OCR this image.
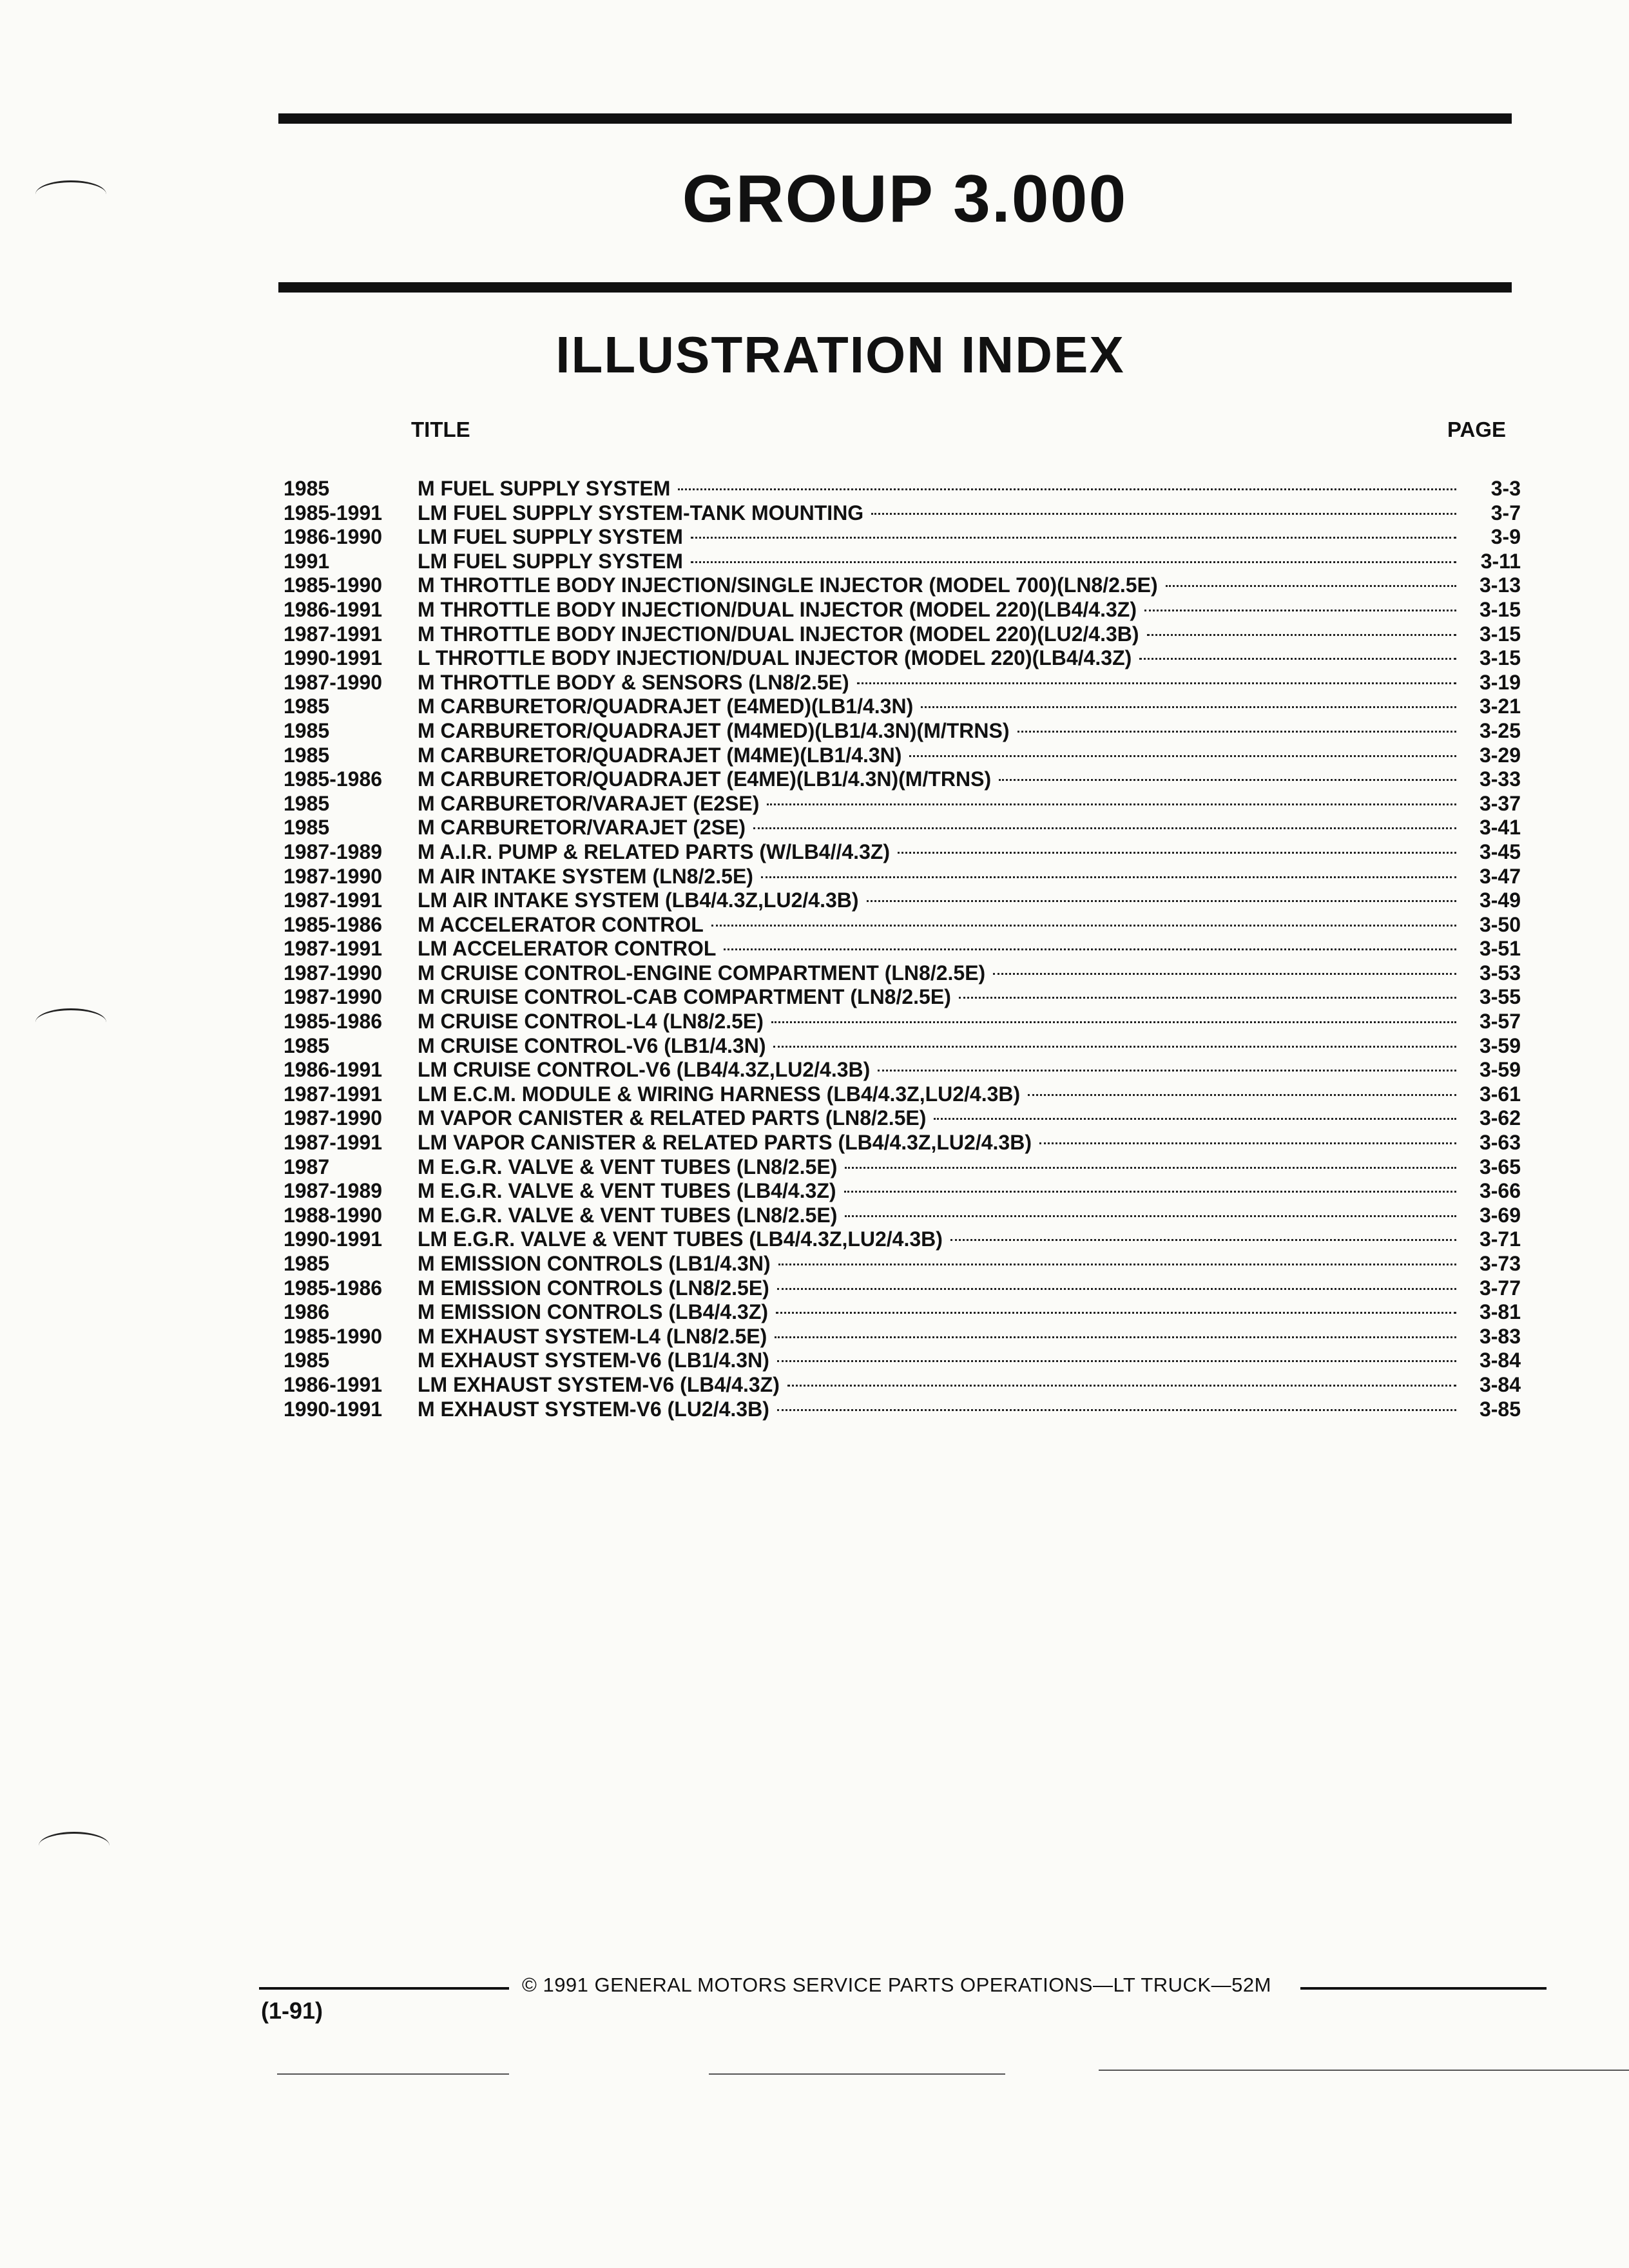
GROUP 3.000
ILLUSTRATION INDEX
TITLE	PAGE
1985	M FUEL SUPPLY SYSTEM	3-3
1985-1991	LM FUEL SUPPLY SYSTEM-TANK MOUNTING	3-7
1986-1990	LM FUEL SUPPLY SYSTEM	3-9
1991	LM FUEL SUPPLY SYSTEM	3-11
1985-1990	M THROTTLE BODY INJECTION/SINGLE INJECTOR (MODEL 700)(LN8/2.5E)	3-13
1986-1991	M THROTTLE BODY INJECTION/DUAL INJECTOR (MODEL 220)(LB4/4.3Z)	3-15
1987-1991	M THROTTLE BODY INJECTION/DUAL INJECTOR (MODEL 220)(LU2/4.3B)	3-15
1990-1991	L THROTTLE BODY INJECTION/DUAL INJECTOR (MODEL 220)(LB4/4.3Z)	3-15
1987-1990	M THROTTLE BODY & SENSORS (LN8/2.5E)	3-19
1985	M CARBURETOR/QUADRAJET (E4MED)(LB1/4.3N)	3-21
1985	M CARBURETOR/QUADRAJET (M4MED)(LB1/4.3N)(M/TRNS)	3-25
1985	M CARBURETOR/QUADRAJET (M4ME)(LB1/4.3N)	3-29
1985-1986	M CARBURETOR/QUADRAJET (E4ME)(LB1/4.3N)(M/TRNS)	3-33
1985	M CARBURETOR/VARAJET (E2SE)	3-37
1985	M CARBURETOR/VARAJET (2SE)	3-41
1987-1989	M A.I.R. PUMP & RELATED PARTS (W/LB4//4.3Z)	3-45
1987-1990	M AIR INTAKE SYSTEM (LN8/2.5E)	3-47
1987-1991	LM AIR INTAKE SYSTEM (LB4/4.3Z,LU2/4.3B)	3-49
1985-1986	M ACCELERATOR CONTROL	3-50
1987-1991	LM ACCELERATOR CONTROL	3-51
1987-1990	M CRUISE CONTROL-ENGINE COMPARTMENT (LN8/2.5E)	3-53
1987-1990	M CRUISE CONTROL-CAB COMPARTMENT (LN8/2.5E)	3-55
1985-1986	M CRUISE CONTROL-L4 (LN8/2.5E)	3-57
1985	M CRUISE CONTROL-V6 (LB1/4.3N)	3-59
1986-1991	LM CRUISE CONTROL-V6 (LB4/4.3Z,LU2/4.3B)	3-59
1987-1991	LM E.C.M. MODULE & WIRING HARNESS (LB4/4.3Z,LU2/4.3B)	3-61
1987-1990	M VAPOR CANISTER & RELATED PARTS (LN8/2.5E)	3-62
1987-1991	LM VAPOR CANISTER & RELATED PARTS (LB4/4.3Z,LU2/4.3B)	3-63
1987	M E.G.R. VALVE & VENT TUBES (LN8/2.5E)	3-65
1987-1989	M E.G.R. VALVE & VENT TUBES (LB4/4.3Z)	3-66
1988-1990	M E.G.R. VALVE & VENT TUBES (LN8/2.5E)	3-69
1990-1991	LM E.G.R. VALVE & VENT TUBES (LB4/4.3Z,LU2/4.3B)	3-71
1985	M EMISSION CONTROLS (LB1/4.3N)	3-73
1985-1986	M EMISSION CONTROLS (LN8/2.5E)	3-77
1986	M EMISSION CONTROLS (LB4/4.3Z)	3-81
1985-1990	M EXHAUST SYSTEM-L4 (LN8/2.5E)	3-83
1985	M EXHAUST SYSTEM-V6 (LB1/4.3N)	3-84
1986-1991	LM EXHAUST SYSTEM-V6 (LB4/4.3Z)	3-84
1990-1991	M EXHAUST SYSTEM-V6 (LU2/4.3B)	3-85
© 1991 GENERAL MOTORS SERVICE PARTS OPERATIONS—LT TRUCK—52M
(1-91)
